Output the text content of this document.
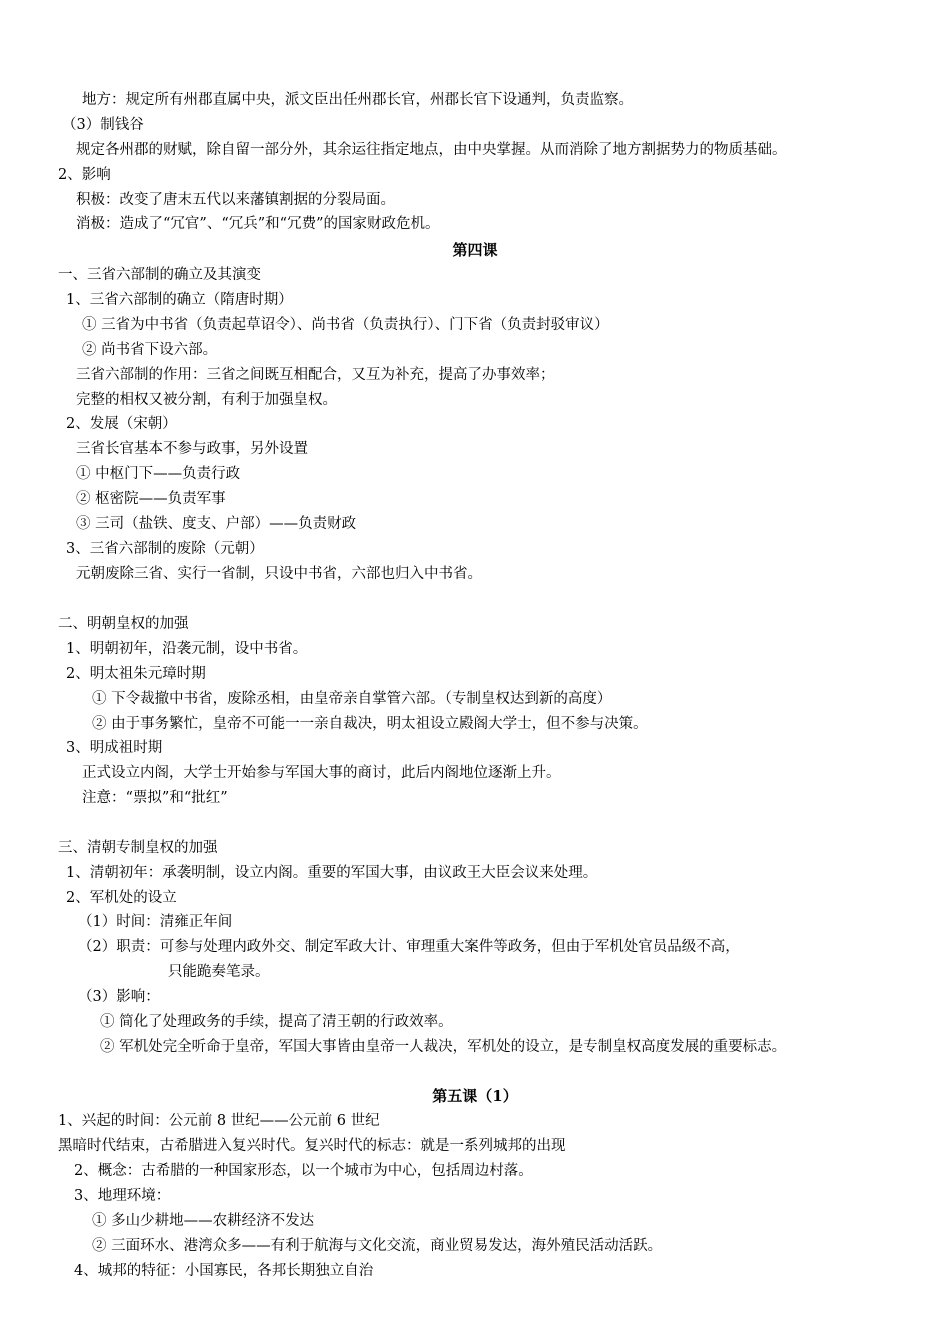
地方：规定所有州郡直属中央，派文臣出任州郡长官，州郡长官下设通判，负责监察。
（3）制钱谷
规定各州郡的财赋，除自留一部分外，其余运往指定地点，由中央掌握。从而消除了地方割据势力的物质基础。
2、影响
积极：改变了唐末五代以来藩镇割据的分裂局面。
消极：造成了“冗官”、“冗兵”和“冗费”的国家财政危机。
第四课
一、三省六部制的确立及其演变
1、三省六部制的确立（隋唐时期）
① 三省为中书省（负责起草诏令）、尚书省（负责执行）、门下省（负责封驳审议）
② 尚书省下设六部。
三省六部制的作用：三省之间既互相配合，又互为补充，提高了办事效率；
完整的相权又被分割，有利于加强皇权。
2、发展（宋朝）
三省长官基本不参与政事，另外设置
① 中枢门下——负责行政
② 枢密院——负责军事
③ 三司（盐铁、度支、户部）——负责财政
3、三省六部制的废除（元朝）
元朝废除三省、实行一省制，只设中书省，六部也归入中书省。
二、明朝皇权的加强
1、明朝初年，沿袭元制，设中书省。
2、明太祖朱元璋时期
① 下令裁撤中书省，废除丞相，由皇帝亲自掌管六部。（专制皇权达到新的高度）
② 由于事务繁忙，皇帝不可能一一亲自裁决，明太祖设立殿阁大学士，但不参与决策。
3、明成祖时期
正式设立内阁，大学士开始参与军国大事的商讨，此后内阁地位逐渐上升。
注意：“票拟”和“批红”
三、清朝专制皇权的加强
1、清朝初年：承袭明制，设立内阁。重要的军国大事，由议政王大臣会议来处理。
2、军机处的设立
（1）时间：清雍正年间
（2）职责：可参与处理内政外交、制定军政大计、审理重大案件等政务，但由于军机处官员品级不高，
只能跪奏笔录。
（3）影响：
① 简化了处理政务的手续，提高了清王朝的行政效率。
② 军机处完全听命于皇帝，军国大事皆由皇帝一人裁决，军机处的设立，是专制皇权高度发展的重要标志。
第五课（1）
1、兴起的时间：公元前 8 世纪——公元前 6 世纪
黑暗时代结束，古希腊进入复兴时代。复兴时代的标志：就是一系列城邦的出现
2、概念：古希腊的一种国家形态，以一个城市为中心，包括周边村落。
3、地理环境：
① 多山少耕地——农耕经济不发达
② 三面环水、港湾众多——有利于航海与文化交流，商业贸易发达，海外殖民活动活跃。
4、城邦的特征：小国寡民，各邦长期独立自治
